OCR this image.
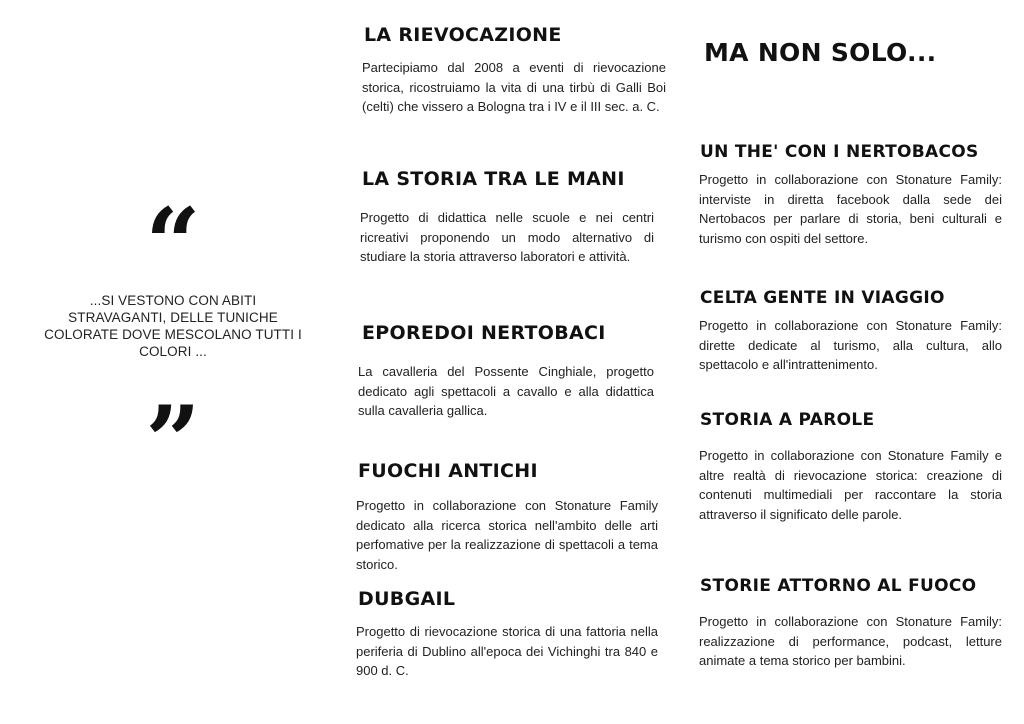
“
...SI VESTONO CON ABITI STRAVAGANTI, DELLE TUNICHE COLORATE DOVE MESCOLANO TUTTI I COLORI ...
”
LA RIEVOCAZIONE

Partecipiamo dal 2008 a eventi di rievocazione storica, ricostruiamo la vita di una tirbù di Galli Boi (celti) che vissero a Bologna tra i IV e il III sec. a. C.

LA STORIA TRA LE MANI

Progetto di didattica nelle scuole e nei centri ricreativi proponendo un modo alternativo di studiare la storia attraverso laboratori e attività.

EPOREDOI NERTOBACI

La cavalleria del Possente Cinghiale, progetto dedicato agli spettacoli a cavallo e alla didattica sulla cavalleria gallica.

FUOCHI ANTICHI

Progetto in collaborazione con Stonature Family dedicato alla ricerca storica nell'ambito delle arti perfomative per la realizzazione di spettacoli a tema storico.

DUBGAIL

Progetto di rievocazione storica di una fattoria nella periferia di Dublino all'epoca dei Vichinghi tra 840 e 900 d. C.

MA NON SOLO...
UN THE' CON I NERTOBACOS

Progetto in collaborazione con Stonature Family: interviste in diretta facebook dalla sede dei Nertobacos per parlare di storia, beni culturali e turismo con ospiti del settore.

CELTA GENTE IN VIAGGIO

Progetto in collaborazione con Stonature Family: dirette dedicate al turismo, alla cultura, allo spettacolo e all'intrattenimento.

STORIA A PAROLE

Progetto in collaborazione con Stonature Family e altre realtà di rievocazione storica: creazione di contenuti multimediali per raccontare la storia attraverso il significato delle parole.

STORIE ATTORNO AL FUOCO

Progetto in collaborazione con Stonature Family: realizzazione di performance, podcast, letture animate a tema storico per bambini.
